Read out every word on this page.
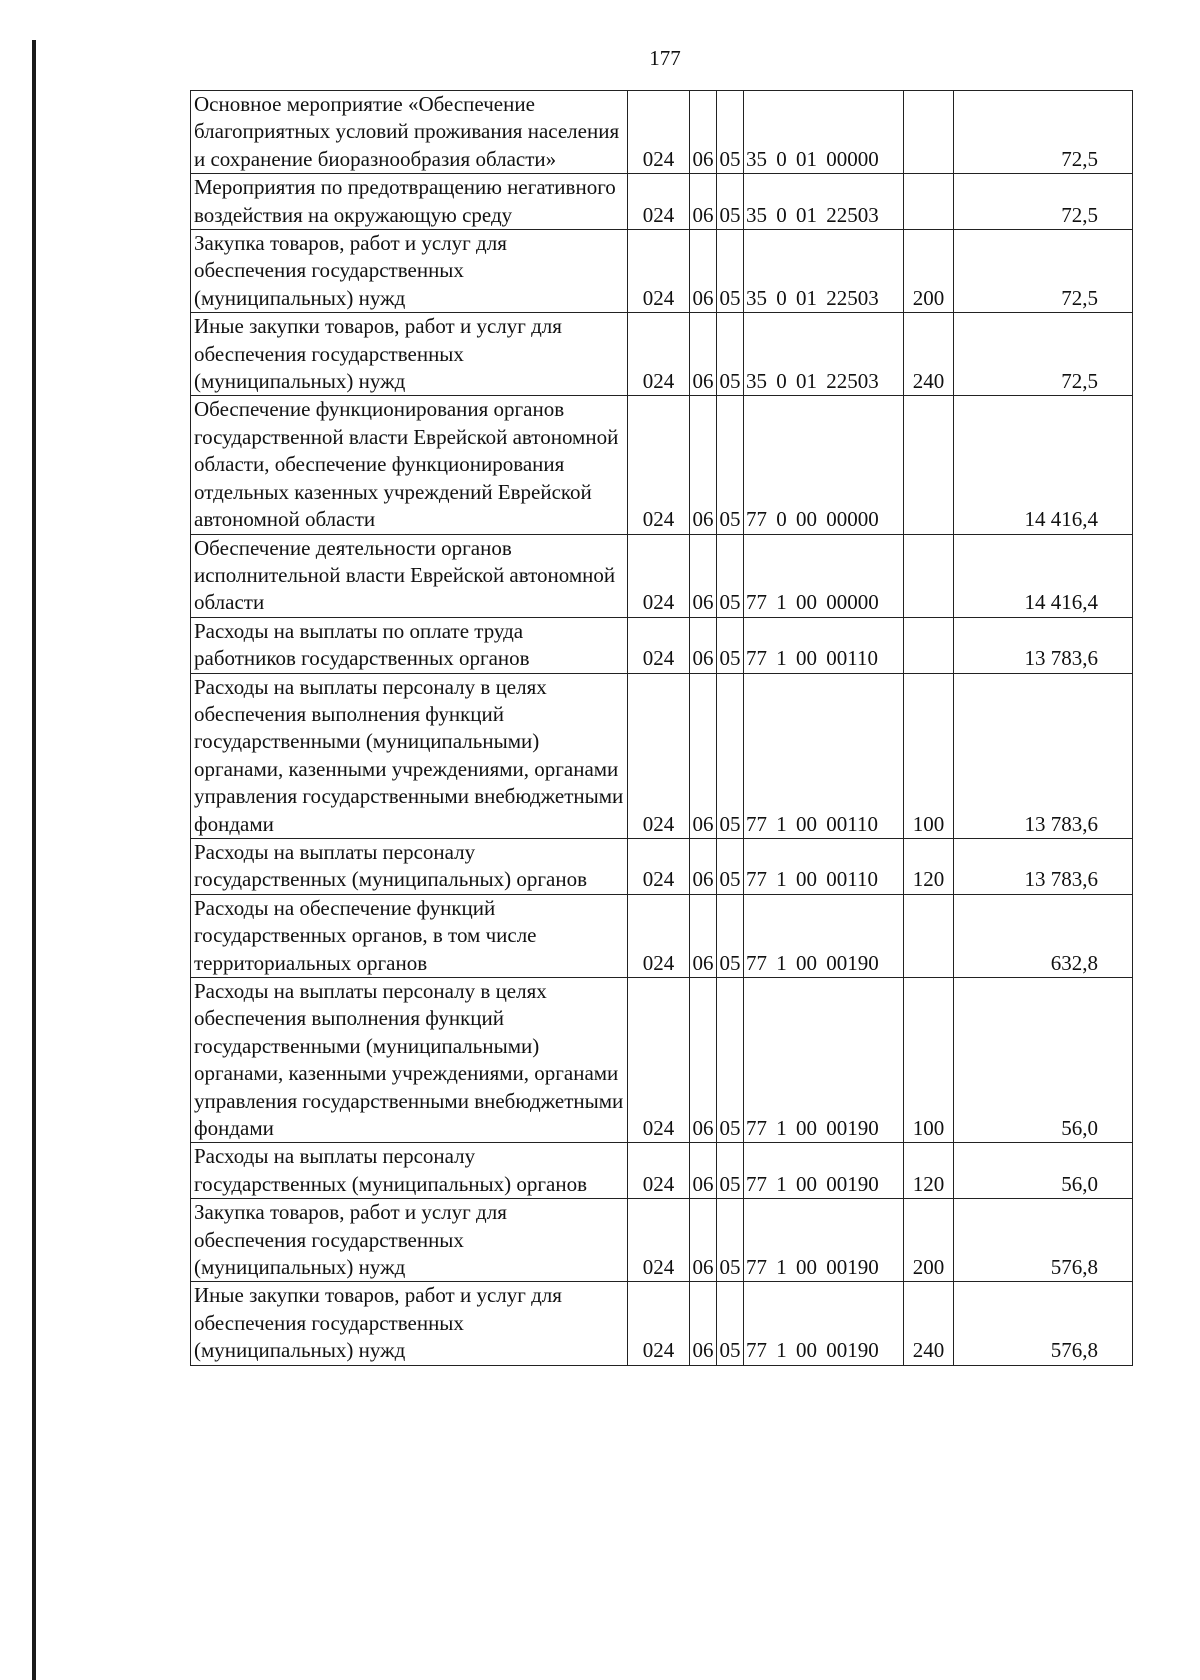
177
Основное мероприятие «Обеспечение благоприятных условий проживания населения и сохранение биоразнообразия области»	024	06	05	35 0 01 00000		72,5
Мероприятия по предотвращению негативного воздействия на окружающую среду	024	06	05	35 0 01 22503		72,5
Закупка товаров, работ и услуг для обеспечения государственных (муниципальных) нужд	024	06	05	35 0 01 22503	200	72,5
Иные закупки товаров, работ и услуг для обеспечения государственных (муниципальных) нужд	024	06	05	35 0 01 22503	240	72,5
Обеспечение функционирования органов государственной власти Еврейской автономной области, обеспечение функционирования отдельных казенных учреждений Еврейской автономной области	024	06	05	77 0 00 00000		14 416,4
Обеспечение деятельности органов исполнительной власти Еврейской автономной области	024	06	05	77 1 00 00000		14 416,4
Расходы на выплаты по оплате труда работников государственных органов	024	06	05	77 1 00 00110		13 783,6
Расходы на выплаты персоналу в целях обеспечения выполнения функций государственными (муниципальными) органами, казенными учреждениями, органами управления государственными внебюджетными фондами	024	06	05	77 1 00 00110	100	13 783,6
Расходы на выплаты персоналу государственных (муниципальных) органов	024	06	05	77 1 00 00110	120	13 783,6
Расходы на обеспечение функций государственных органов, в том числе территориальных органов	024	06	05	77 1 00 00190		632,8
Расходы на выплаты персоналу в целях обеспечения выполнения функций государственными (муниципальными) органами, казенными учреждениями, органами управления государственными внебюджетными фондами	024	06	05	77 1 00 00190	100	56,0
Расходы на выплаты персоналу государственных (муниципальных) органов	024	06	05	77 1 00 00190	120	56,0
Закупка товаров, работ и услуг для обеспечения государственных (муниципальных) нужд	024	06	05	77 1 00 00190	200	576,8
Иные закупки товаров, работ и услуг для обеспечения государственных (муниципальных) нужд	024	06	05	77 1 00 00190	240	576,8
